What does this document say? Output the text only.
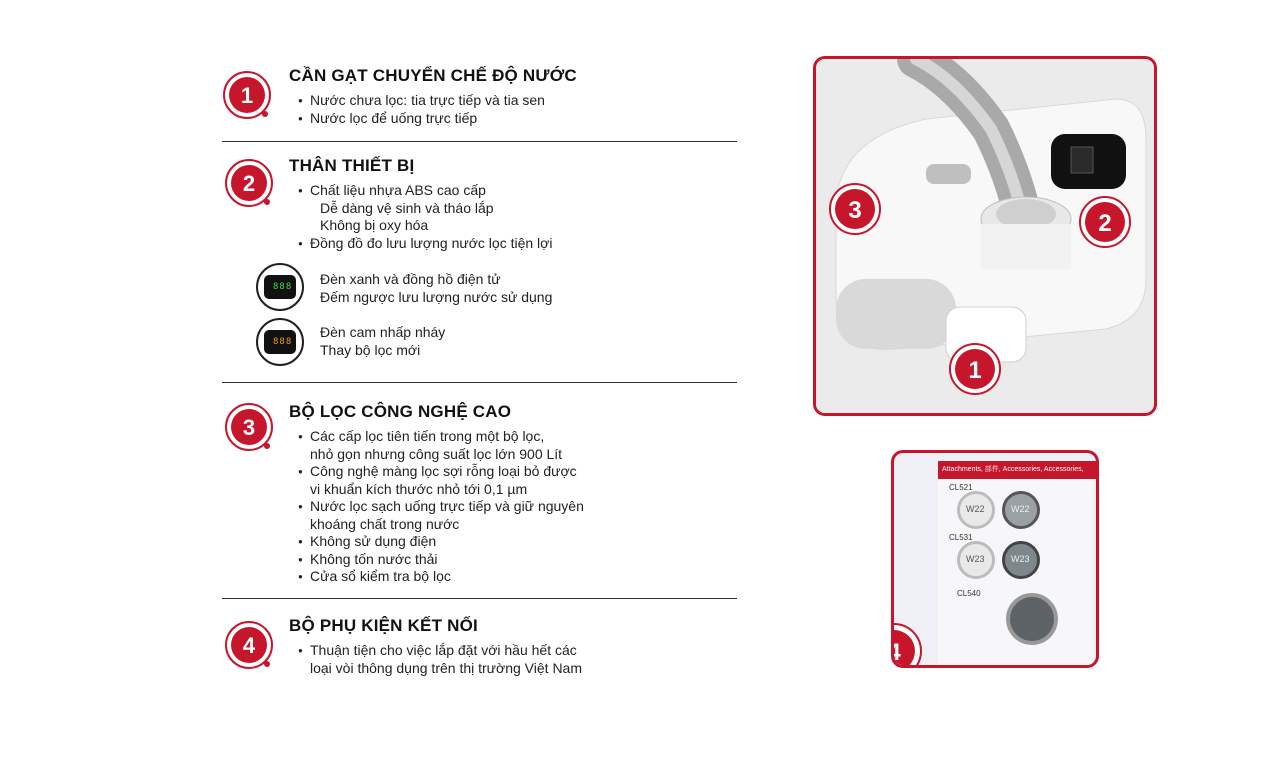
1
CẦN GẠT CHUYỂN CHẾ ĐỘ NƯỚC
● Nước chưa lọc: tia trực tiếp và tia sen
● Nước lọc để uống trực tiếp
2
THÂN THIẾT BỊ
● Chất liệu nhựa ABS cao cấp
Dễ dàng vệ sinh và tháo lắp
Không bị oxy hóa
● Đồng đồ đo lưu lượng nước lọc tiện lợi
888 Đèn xanh và đồng hồ điện tử
Đếm ngược lưu lượng nước sử dụng
888
Đèn cam nhấp nháy
Thay bộ lọc mới
3
BỘ LỌC CÔNG NGHỆ CAO
● Các cấp lọc tiên tiến trong một bộ lọc,
nhỏ gọn nhưng công suất lọc lớn 900 Lít
● Công nghệ màng lọc sợi rỗng loại bỏ được
vi khuẩn kích thước nhỏ tới 0,1 µm
● Nước lọc sạch uống trực tiếp và giữ nguyên
khoáng chất trong nước
● Không sử dụng điện
● Không tốn nước thải
● Cửa sổ kiểm tra bộ lọc
4
BỘ PHỤ KIỆN KẾT NỐI
● Thuận tiện cho việc lắp đặt với hầu hết các
loại vòi thông dụng trên thị trường Việt Nam
3	2
1
Attachments, 部件, Accessories, Accessories,
CL521
CL531
CL540
W22	W22
W23	W23
4
